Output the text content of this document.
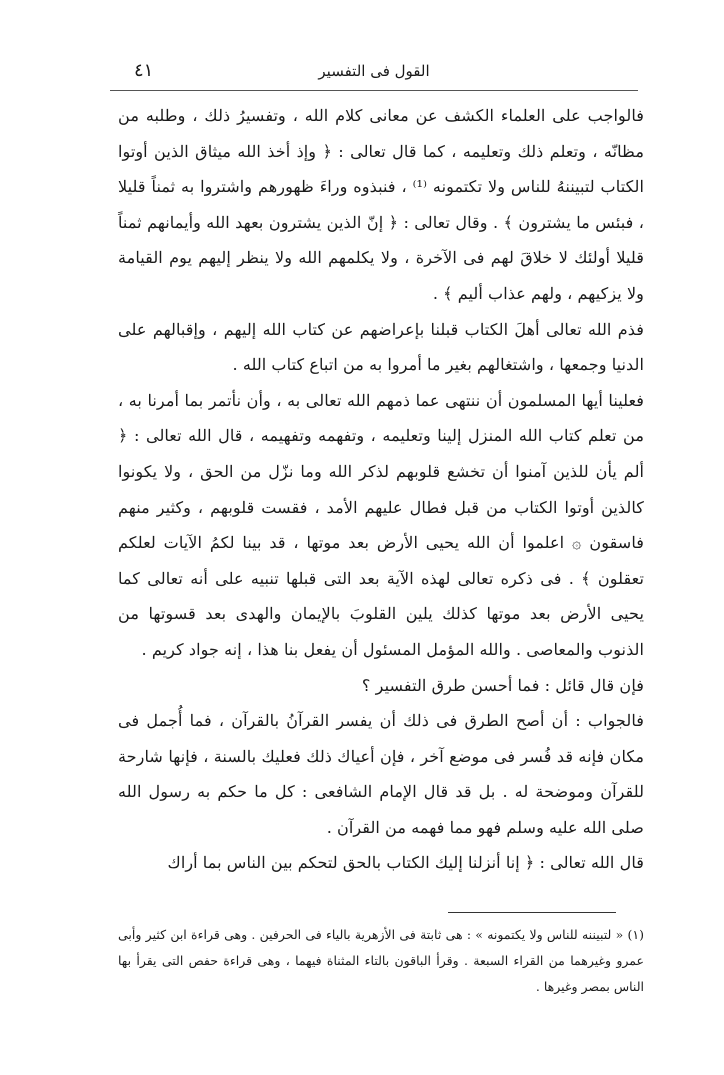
القول فى التفسير
٤١

فالواجب على العلماء الكشف عن معانى كلام الله ، وتفسيرُ ذلك ، وطلبه من مظانّه ، وتعلم ذلك وتعليمه ، كما قال تعالى : ﴿ وإذ أخذ الله ميثاق الذين أوتوا الكتاب لتبيننهُ للناس ولا تكتمونه ⁽¹⁾ ، فنبذوه وراءَ ظهورهم واشتروا به ثمناً قليلا ، فبئس ما يشترون ﴾ . وقال تعالى : ﴿ إنّ الذين يشترون بعهد الله وأيمانهم ثمناً قليلا أولئك لا خلاقَ لهم فى الآخرة ، ولا يكلمهم الله ولا ينظر إليهم يوم القيامة ولا يزكيهم ، ولهم عذاب أليم ﴾ .

فذم الله تعالى أهلَ الكتاب قبلنا بإعراضهم عن كتاب الله إليهم ، وإقبالهم على الدنيا وجمعها ، واشتغالهم بغير ما أمروا به من اتباع كتاب الله .

فعلينا أيها المسلمون أن ننتهى عما ذمهم الله تعالى به ، وأن نأتمر بما أمرنا به ، من تعلم كتاب الله المنزل إلينا وتعليمه ، وتفهمه وتفهيمه ، قال الله تعالى : ﴿ ألم يأن للذين آمنوا أن تخشع قلوبهم لذكر الله وما نزّل من الحق ، ولا يكونوا كالذين أوتوا الكتاب من قبل فطال عليهم الأمد ، فقست قلوبهم ، وكثير منهم فاسقون ۞ اعلموا أن الله يحيى الأرض بعد موتها ، قد بينا لكمُ الآيات لعلكم تعقلون ﴾ . فى ذكره تعالى لهذه الآية بعد التى قبلها تنبيه على أنه تعالى كما يحيى الأرض بعد موتها كذلك يلين القلوبَ بالإيمان والهدى بعد قسوتها من الذنوب والمعاصى . والله المؤمل المسئول أن يفعل بنا هذا ، إنه جواد كريم .

فإن قال قائل : فما أحسن طرق التفسير ؟

فالجواب : أن أصح الطرق فى ذلك أن يفسر القرآنُ بالقرآن ، فما أُجمل فى مكان فإنه قد فُسر فى موضع آخر ، فإن أعياك ذلك فعليك بالسنة ، فإنها شارحة للقرآن وموضحة له . بل قد قال الإمام الشافعى : كل ما حكم به رسول الله صلى الله عليه وسلم فهو مما فهمه من القرآن .

قال الله تعالى : ﴿ إنا أنزلنا إليك الكتاب بالحق لتحكم بين الناس بما أراك

(١) « لتبيننه للناس ولا يكتمونه » : هى ثابتة فى الأزهرية بالياء فى الحرفين . وهى قراءة ابن كثير وأبى عمرو وغيرهما من القراء السبعة . وقرأ الباقون بالتاء المثناة فيهما ، وهى قراءة حفص التى يقرأ بها الناس بمصر وغيرها .
